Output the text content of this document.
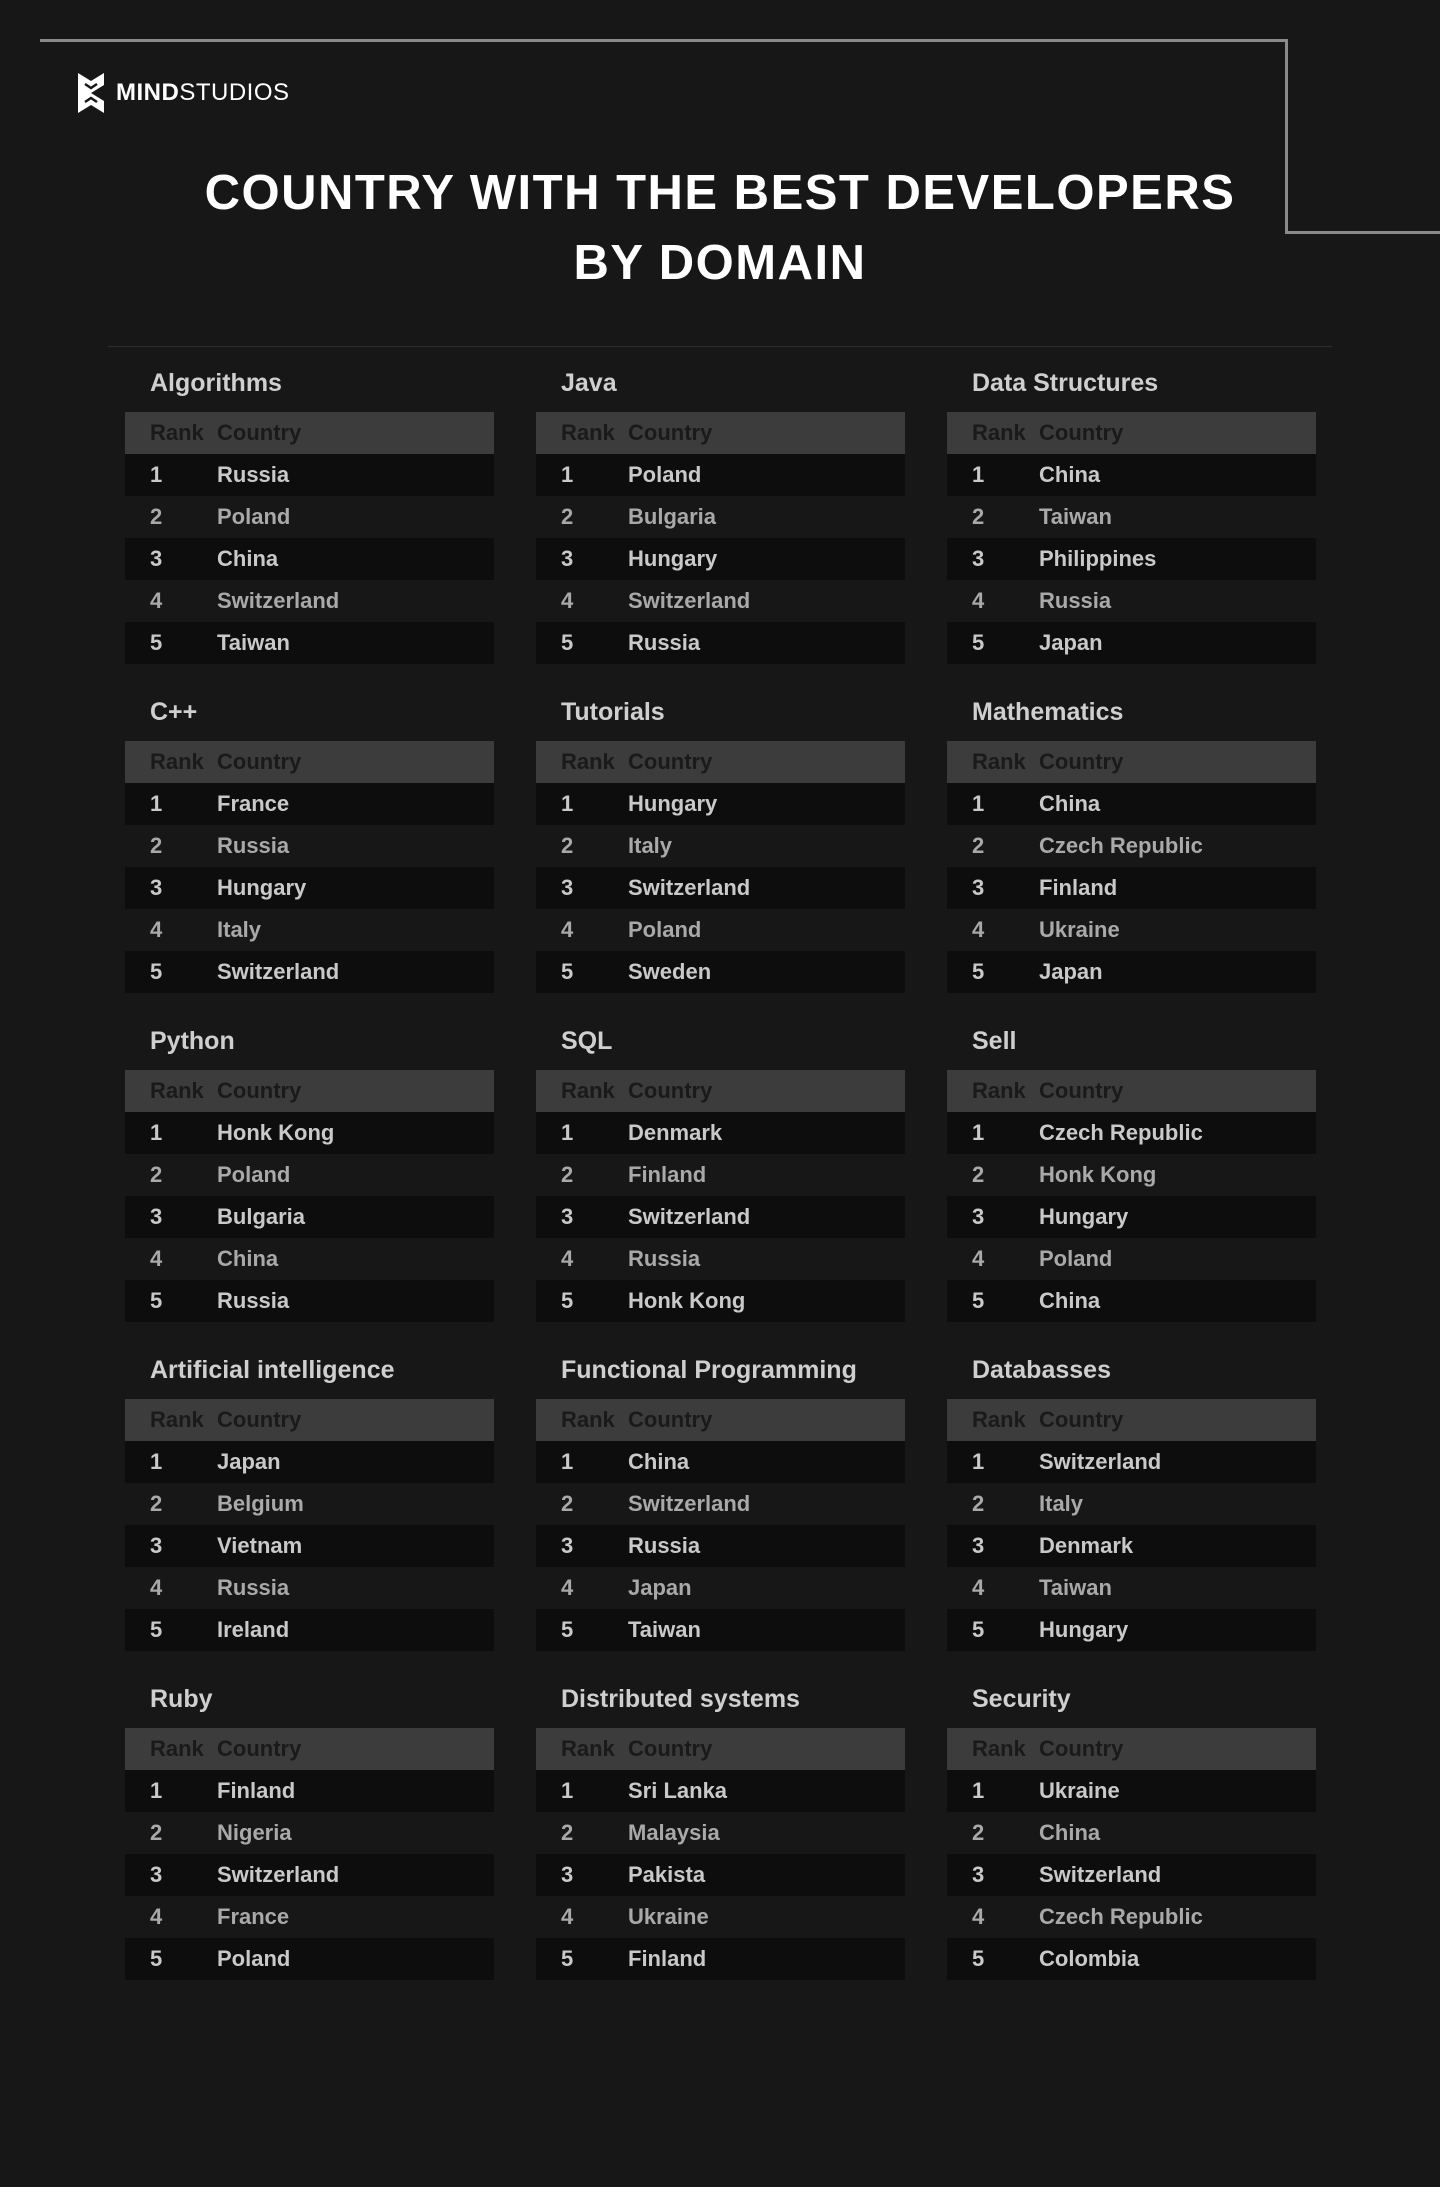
MINDSTUDIOS
COUNTRY WITH THE BEST DEVELOPERS
BY DOMAIN
Algorithms
Rank Country
1	Russia
2	Poland
3	China
4	Switzerland
5	Taiwan
Java
Rank Country
1	Poland
2	Bulgaria
3	Hungary
4	Switzerland
5	Russia
Data Structures
Rank Country
1	China
2	Taiwan
3	Philippines
4	Russia
5	Japan
C++
Rank Country
1	France
2	Russia
3	Hungary
4	Italy
5	Switzerland
Tutorials
Rank Country
1	Hungary
2	Italy
3	Switzerland
4	Poland
5	Sweden
Mathematics
Rank Country
1	China
2	Czech Republic
3	Finland
4	Ukraine
5	Japan
Python
Rank Country
1	Honk Kong
2	Poland
3	Bulgaria
4	China
5	Russia
SQL
Rank Country
1	Denmark
2	Finland
3	Switzerland
4	Russia
5	Honk Kong
Sell
Rank Country
1	Czech Republic
2	Honk Kong
3	Hungary
4	Poland
5	China
Artificial intelligence
Rank Country
1	Japan
2	Belgium
3	Vietnam
4	Russia
5	Ireland
Functional Programming
Rank Country
1	China
2	Switzerland
3	Russia
4	Japan
5	Taiwan
Databasses
Rank Country
1	Switzerland
2	Italy
3	Denmark
4	Taiwan
5	Hungary
Ruby
Rank Country
1	Finland
2	Nigeria
3	Switzerland
4	France
5	Poland
Distributed systems
Rank Country
1	Sri Lanka
2	Malaysia
3	Pakista
4	Ukraine
5	Finland
Security
Rank Country
1	Ukraine
2	China
3	Switzerland
4	Czech Republic
5	Colombia
